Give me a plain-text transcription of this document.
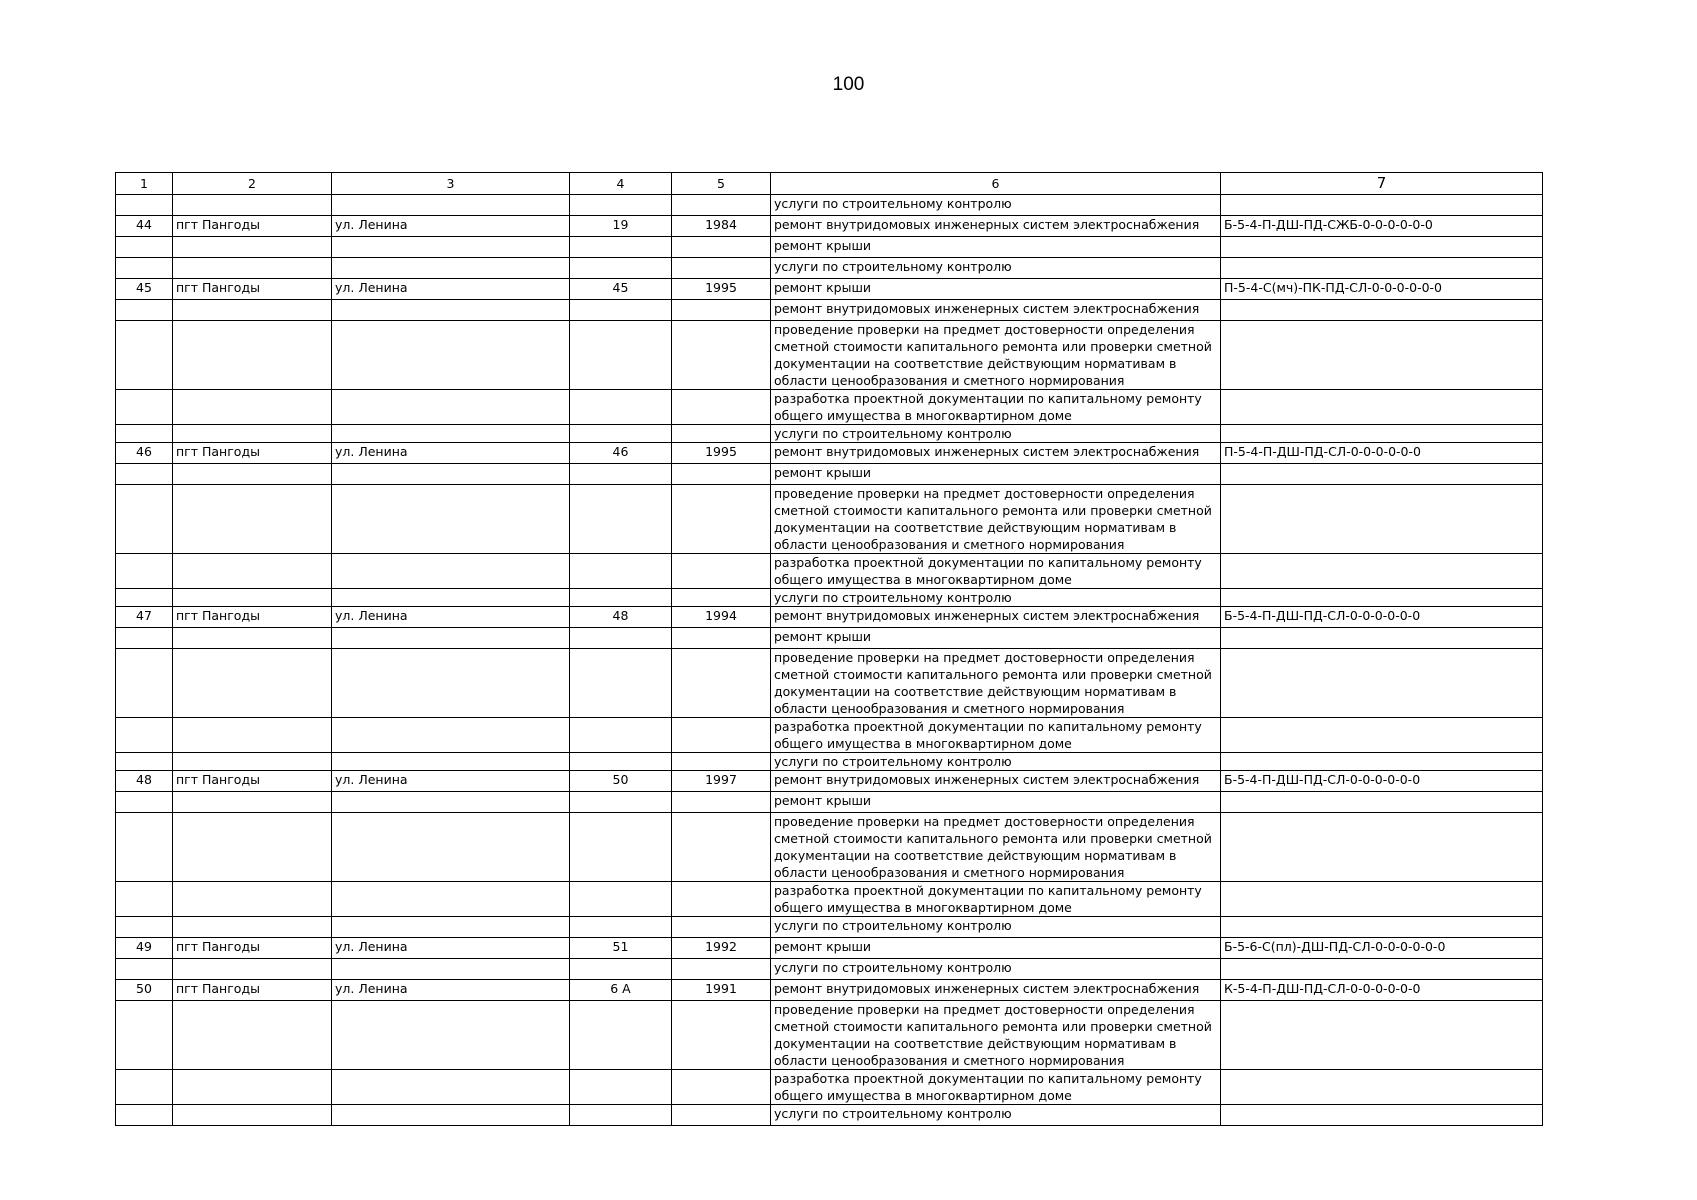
100
1	2	3	4	5	6	7
					услуги по строительному контролю	
44	пгт Пангоды	ул. Ленина	19	1984	ремонт внутридомовых инженерных систем электроснабжения	Б-5-4-П-ДШ-ПД-СЖБ-0-0-0-0-0-0
					ремонт крыши	
					услуги по строительному контролю	
45	пгт Пангоды	ул. Ленина	45	1995	ремонт крыши	П-5-4-С(мч)-ПК-ПД-СЛ-0-0-0-0-0-0
					ремонт внутридомовых инженерных систем электроснабжения	
					проведение проверки на предмет достоверности определения сметной стоимости капитального ремонта или проверки сметной документации на соответствие действующим нормативам в области ценообразования и сметного нормирования	
					разработка проектной документации по капитальному ремонту общего имущества в многоквартирном доме	
					услуги по строительному контролю	
46	пгт Пангоды	ул. Ленина	46	1995	ремонт внутридомовых инженерных систем электроснабжения	П-5-4-П-ДШ-ПД-СЛ-0-0-0-0-0-0
					ремонт крыши	
					проведение проверки на предмет достоверности определения сметной стоимости капитального ремонта или проверки сметной документации на соответствие действующим нормативам в области ценообразования и сметного нормирования	
					разработка проектной документации по капитальному ремонту общего имущества в многоквартирном доме	
					услуги по строительному контролю	
47	пгт Пангоды	ул. Ленина	48	1994	ремонт внутридомовых инженерных систем электроснабжения	Б-5-4-П-ДШ-ПД-СЛ-0-0-0-0-0-0
					ремонт крыши	
					проведение проверки на предмет достоверности определения сметной стоимости капитального ремонта или проверки сметной документации на соответствие действующим нормативам в области ценообразования и сметного нормирования	
					разработка проектной документации по капитальному ремонту общего имущества в многоквартирном доме	
					услуги по строительному контролю	
48	пгт Пангоды	ул. Ленина	50	1997	ремонт внутридомовых инженерных систем электроснабжения	Б-5-4-П-ДШ-ПД-СЛ-0-0-0-0-0-0
					ремонт крыши	
					проведение проверки на предмет достоверности определения сметной стоимости капитального ремонта или проверки сметной документации на соответствие действующим нормативам в области ценообразования и сметного нормирования	
					разработка проектной документации по капитальному ремонту общего имущества в многоквартирном доме	
					услуги по строительному контролю	
49	пгт Пангоды	ул. Ленина	51	1992	ремонт крыши	Б-5-6-С(пл)-ДШ-ПД-СЛ-0-0-0-0-0-0
					услуги по строительному контролю	
50	пгт Пангоды	ул. Ленина	6 А	1991	ремонт внутридомовых инженерных систем электроснабжения	К-5-4-П-ДШ-ПД-СЛ-0-0-0-0-0-0
					проведение проверки на предмет достоверности определения сметной стоимости капитального ремонта или проверки сметной документации на соответствие действующим нормативам в области ценообразования и сметного нормирования	
					разработка проектной документации по капитальному ремонту общего имущества в многоквартирном доме	
					услуги по строительному контролю	
